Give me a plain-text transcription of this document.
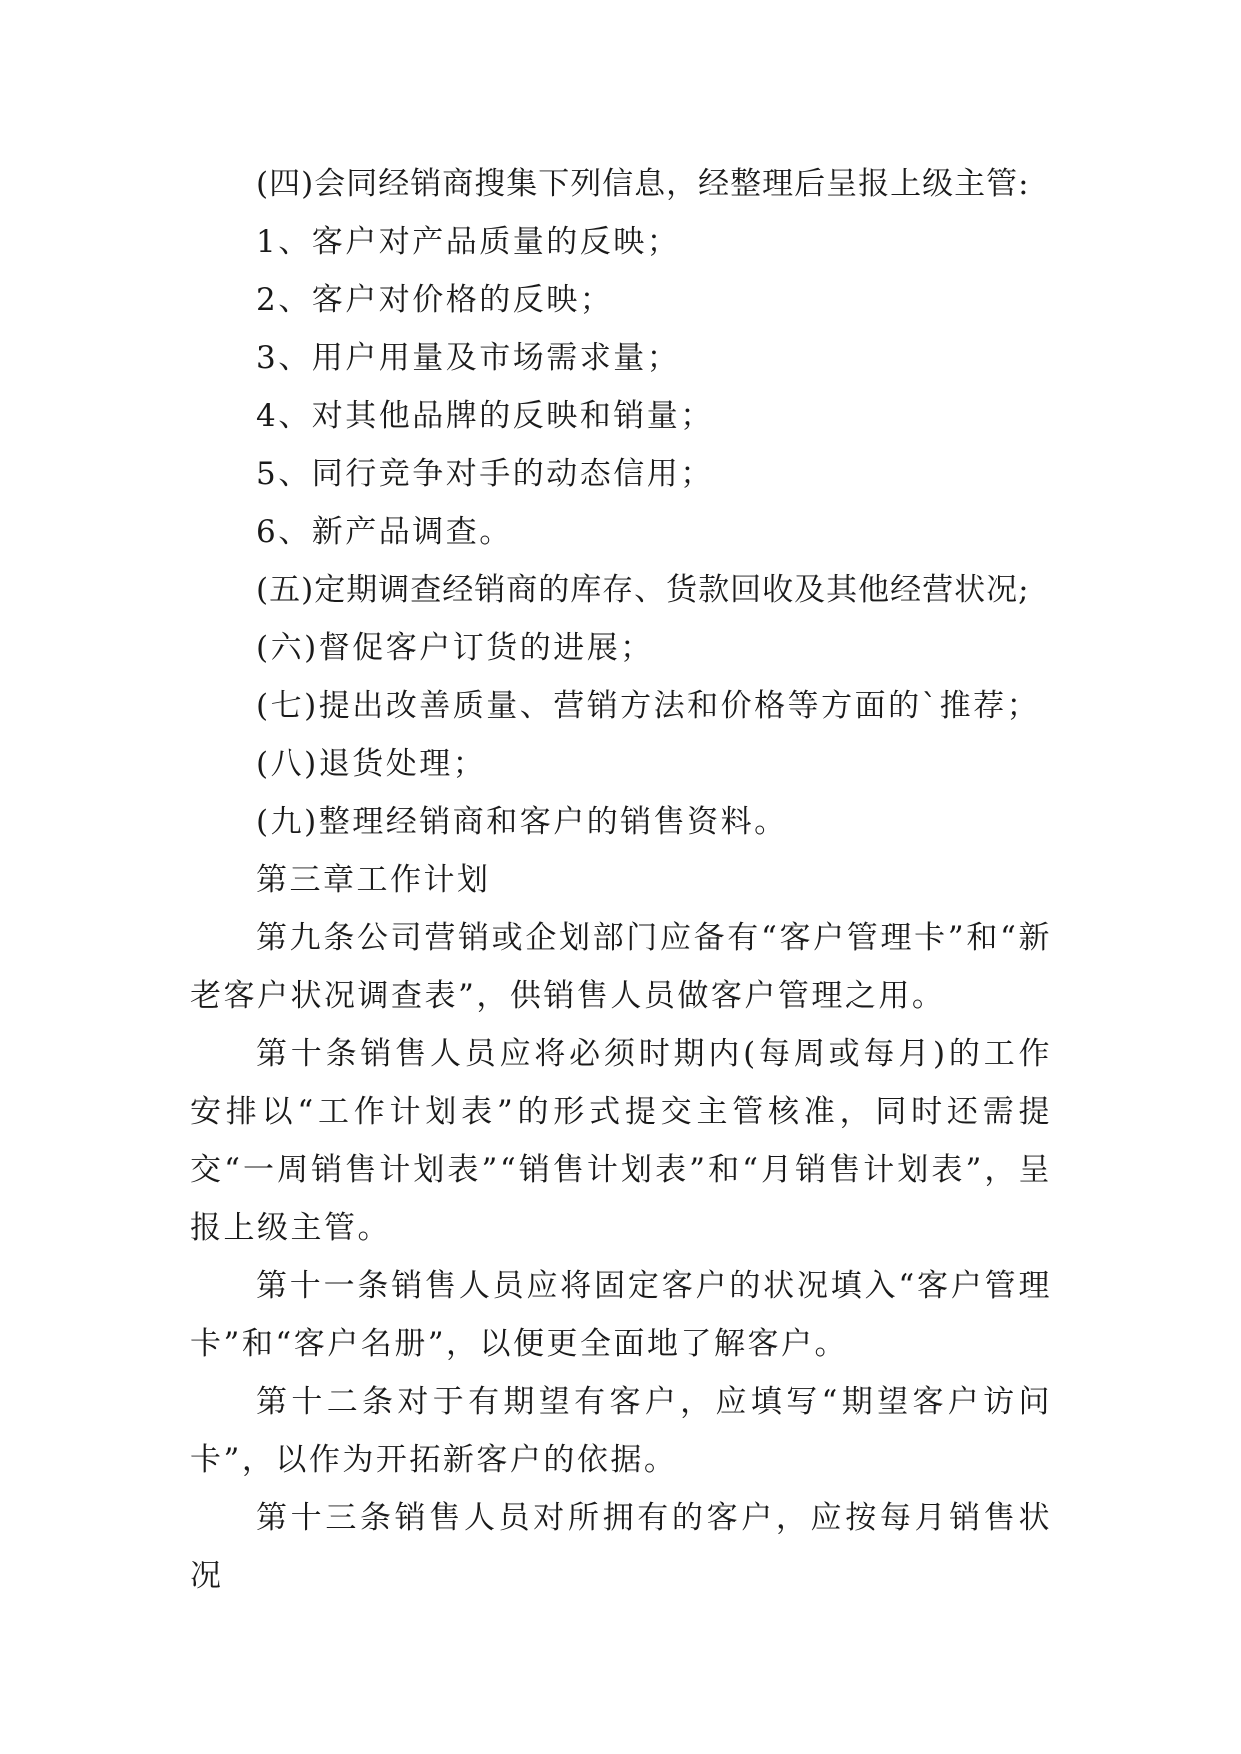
(四)会同经销商搜集下列信息，经整理后呈报上级主管:

1、客户对产品质量的反映；

2、客户对价格的反映；

3、用户用量及市场需求量；

4、对其他品牌的反映和销量；

5、同行竞争对手的动态信用；

6、新产品调查。

(五)定期调查经销商的库存、货款回收及其他经营状况;

(六)督促客户订货的进展；

(七)提出改善质量、营销方法和价格等方面的`推荐；

(八)退货处理；

(九)整理经销商和客户的销售资料。

第三章工作计划

第九条公司营销或企划部门应备有“客户管理卡”和“新老客户状况调查表”，供销售人员做客户管理之用。

第十条销售人员应将必须时期内(每周或每月)的工作安排以“工作计划表”的形式提交主管核准，同时还需提交“一周销售计划表”“销售计划表”和“月销售计划表”，呈报上级主管。

第十一条销售人员应将固定客户的状况填入“客户管理卡”和“客户名册”，以便更全面地了解客户。

第十二条对于有期望有客户，应填写“期望客户访问卡”，以作为开拓新客户的依据。

第十三条销售人员对所拥有的客户，应按每月销售状况
